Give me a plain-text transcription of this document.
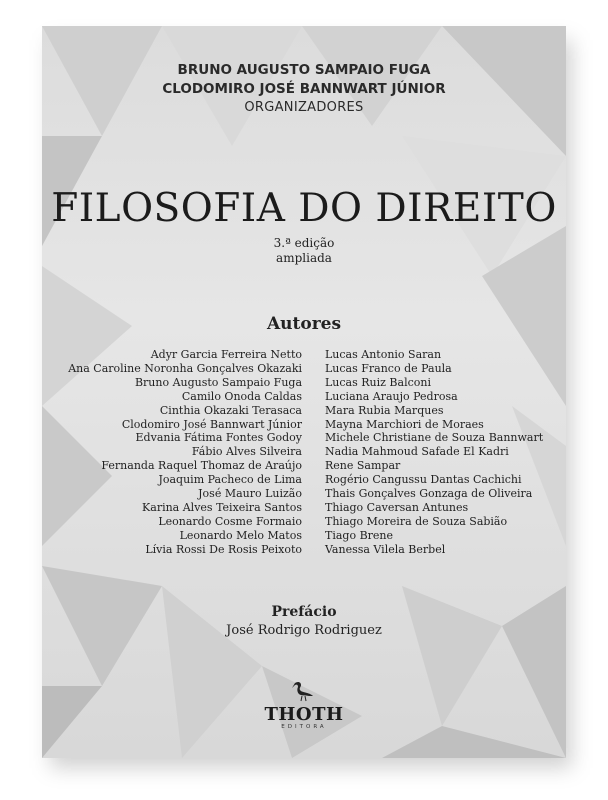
BRUNO AUGUSTO SAMPAIO FUGA
CLODOMIRO JOSÉ BANNWART JÚNIOR
ORGANIZADORES
FILOSOFIA DO DIREITO
3.ª edição
ampliada
Autores
Adyr Garcia Ferreira Netto
Ana Caroline Noronha Gonçalves Okazaki
Bruno Augusto Sampaio Fuga
Camilo Onoda Caldas
Cinthia Okazaki Terasaca
Clodomiro José Bannwart Júnior
Edvania Fátima Fontes Godoy
Fábio Alves Silveira
Fernanda Raquel Thomaz de Araújo
Joaquim Pacheco de Lima
José Mauro Luizão
Karina Alves Teixeira Santos
Leonardo Cosme Formaio
Leonardo Melo Matos
Lívia Rossi De Rosis Peixoto
Lucas Antonio Saran
Lucas Franco de Paula
Lucas Ruiz Balconi
Luciana Araujo Pedrosa
Mara Rubia Marques
Mayna Marchiori de Moraes
Michele Christiane de Souza Bannwart
Nadia Mahmoud Safade El Kadri
Rene Sampar
Rogério Cangussu Dantas Cachichi
Thais Gonçalves Gonzaga de Oliveira
Thiago Caversan Antunes
Thiago Moreira de Souza Sabião
Tiago Brene
Vanessa Vilela Berbel
Prefácio
José Rodrigo Rodriguez
THOTH
EDITORA
